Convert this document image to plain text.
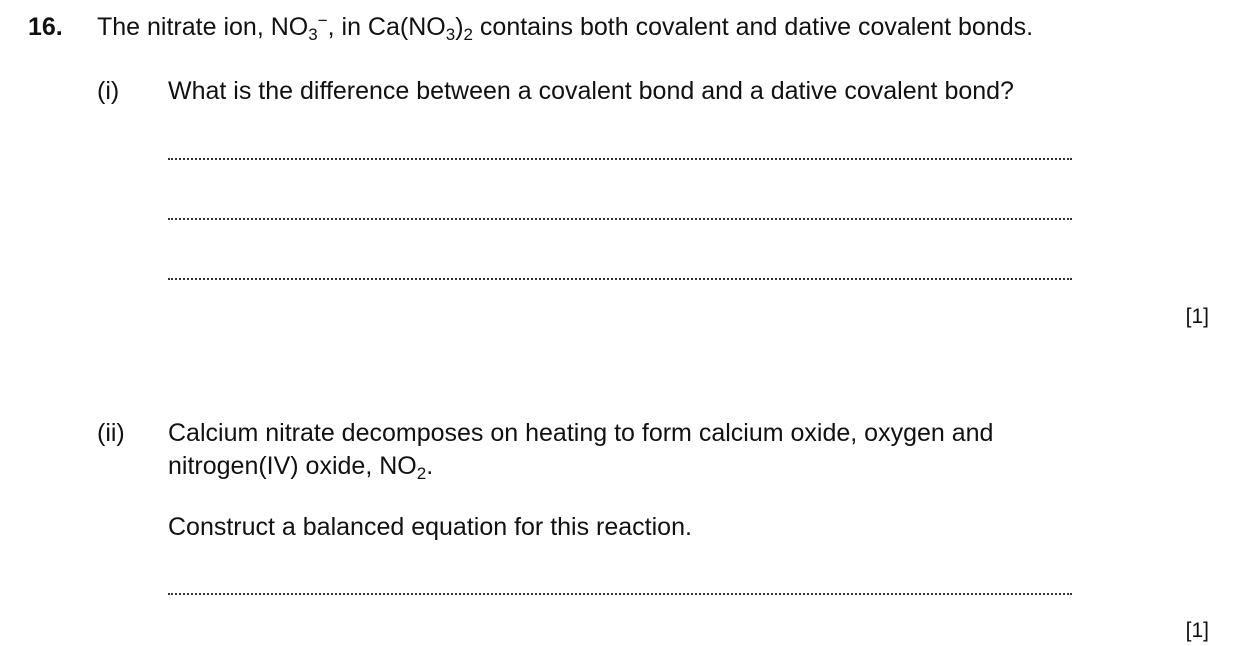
16. The nitrate ion, $NO_3^-$, in $Ca(NO_3)_2$ contains both covalent and dative covalent bonds.
(i) What is the difference between a covalent bond and a dative covalent bond?
[1]
(ii) Calcium nitrate decomposes on heating to form calcium oxide, oxygen and
nitrogen(IV) oxide, $NO_2$.
Construct a balanced equation for this reaction.
[1]
